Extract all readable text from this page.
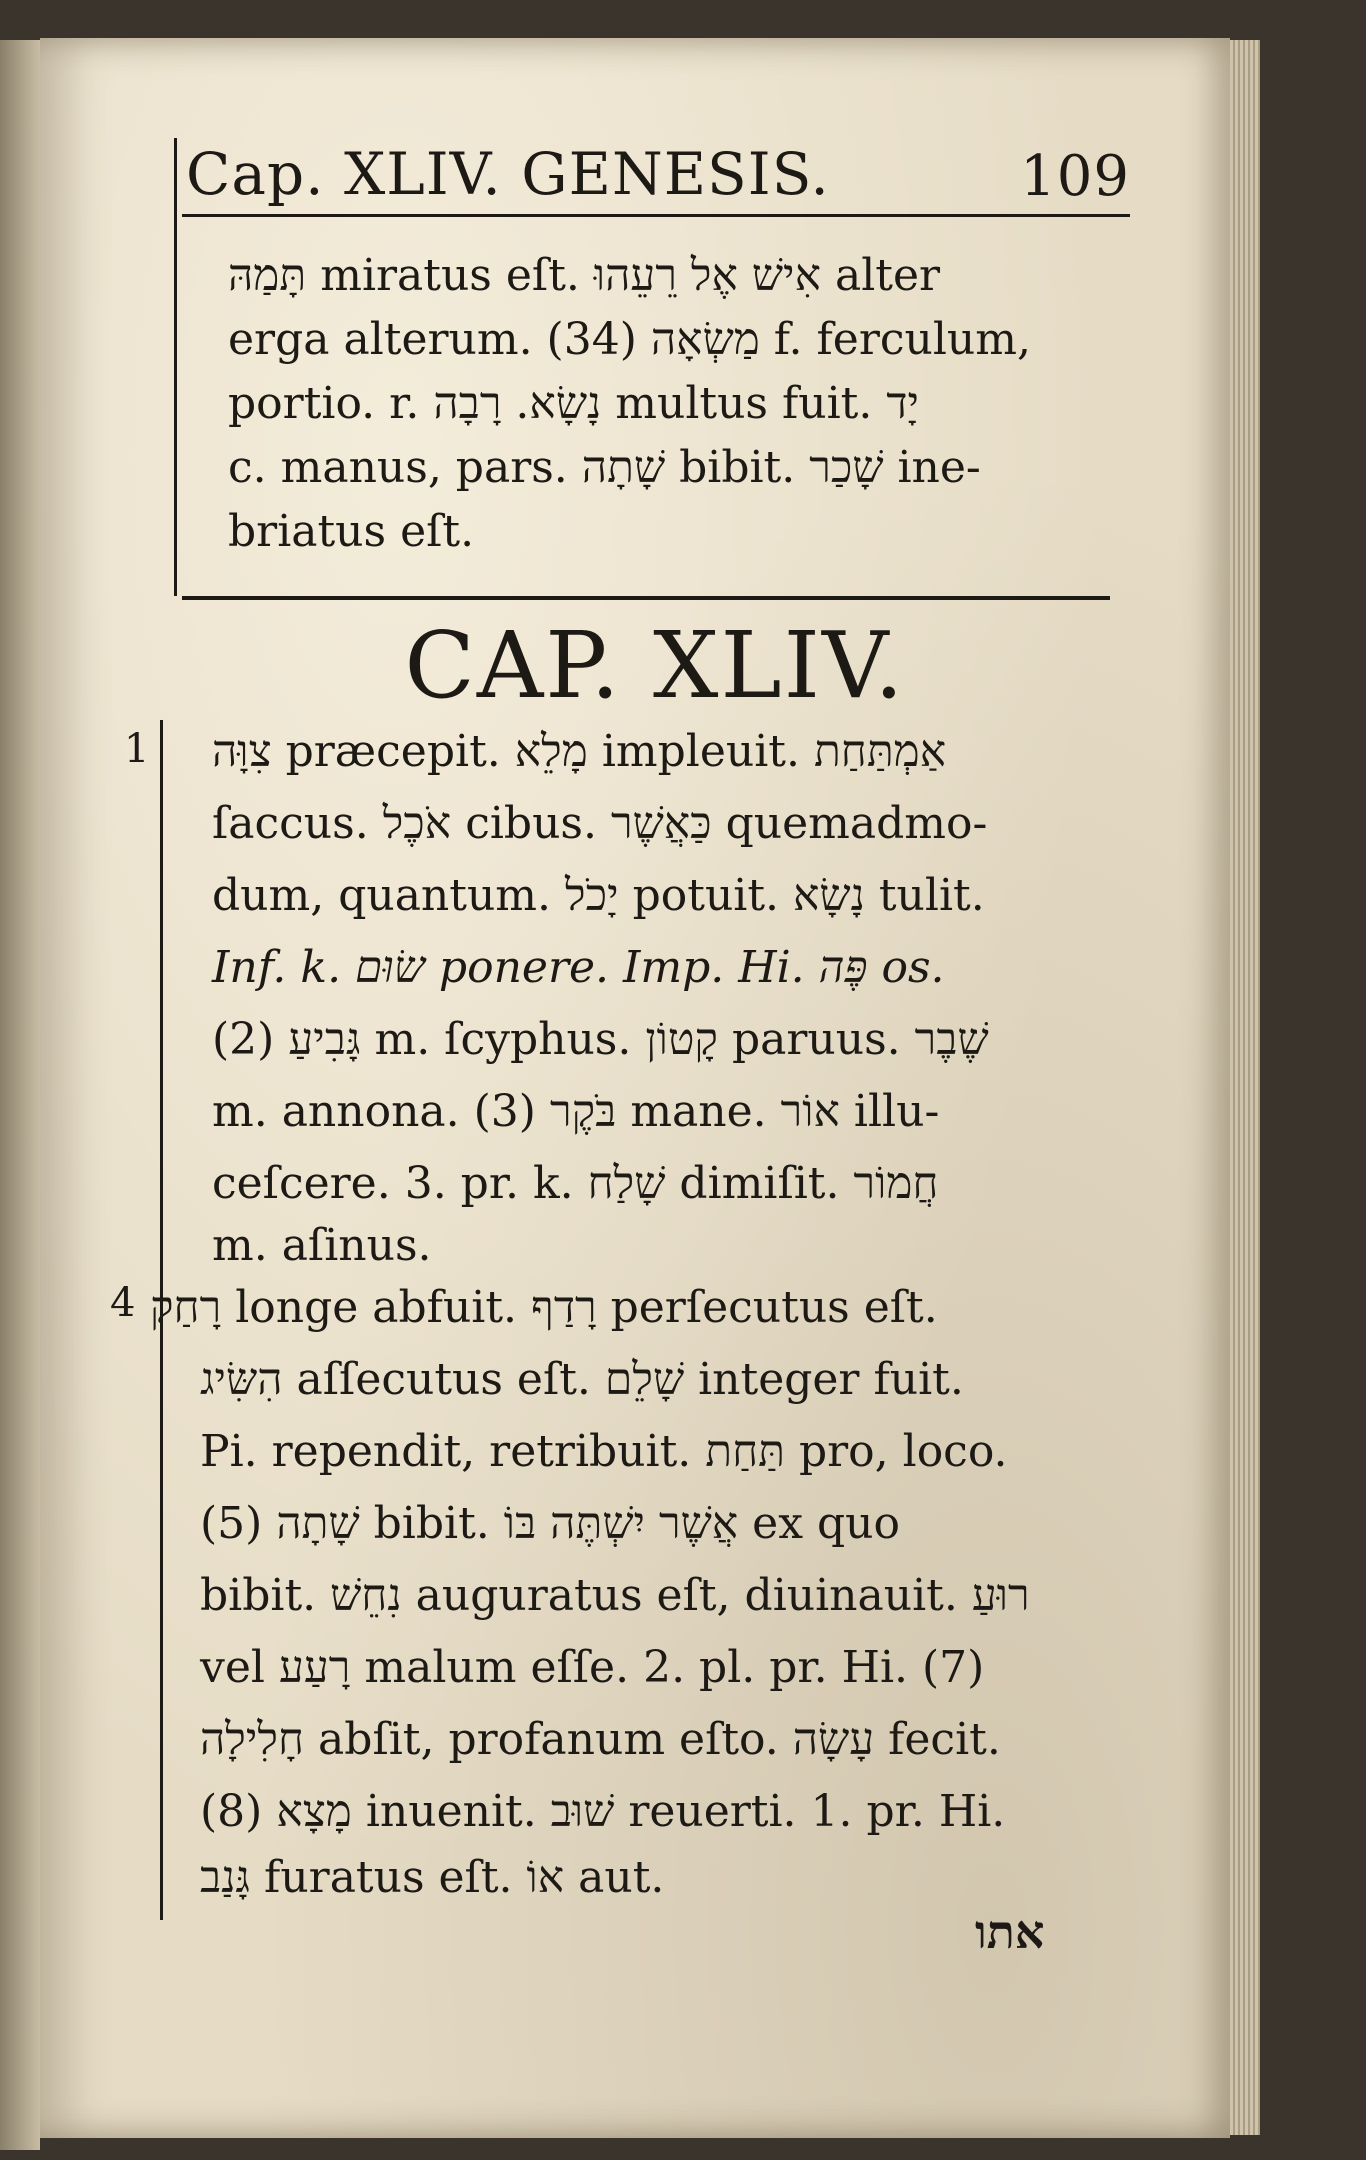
Cap. XLIV. GENESIS.	109
תָּמַהּ miratus eſt. אִישׁ אֶל רֵעֵהוּ alter
erga alterum. (34) מַשְׂאָה f. ferculum,
portio. r. נָשָׂא. רָבָה multus fuit. יָד
c. manus, pars. שָׁתָה bibit. שָׁכַר ine-
briatus eſt.
CAP. XLIV.
1
4
צִוָּה præcepit. מָלֵא impleuit. אַמְתַּחַת
ſaccus. אֹכֶל cibus. כַּאֲשֶׁר quemadmo-
dum, quantum. יָכֹל potuit. נָשָׂא tulit.
Inf. k. שׂוּם ponere. Imp. Hi. פֶּה os.
(2) גָּבִיעַ m. ſcyphus. קָטוֹן paruus. שֶׁבֶר
m. annona. (3) בֹּקֶר mane. אוֹר illu-
ceſcere. 3. pr. k. שָׁלַח dimiſit. חֲמוֹר
m. aſinus.
רָחַק longe abfuit. רָדַף perſecutus eſt.
הִשִּׂיג aſſecutus eſt. שָׁלֵם integer fuit.
Pi. rependit, retribuit. תַּחַת pro, loco.
(5) שָׁתָה bibit. אֲשֶׁר יִשְׁתֶּה בּוֹ ex quo
bibit. נִחֵשׁ auguratus eſt, diuinauit. רוּעַ
vel רָעַע malum eſſe. 2. pl. pr. Hi. (7)
חָלִילָה abſit, profanum eſto. עָשָׂה fecit.
(8) מָצָא inuenit. שׁוּב reuerti. 1. pr. Hi.
גָּנַב furatus eſt. אוֹ aut.
אתו
